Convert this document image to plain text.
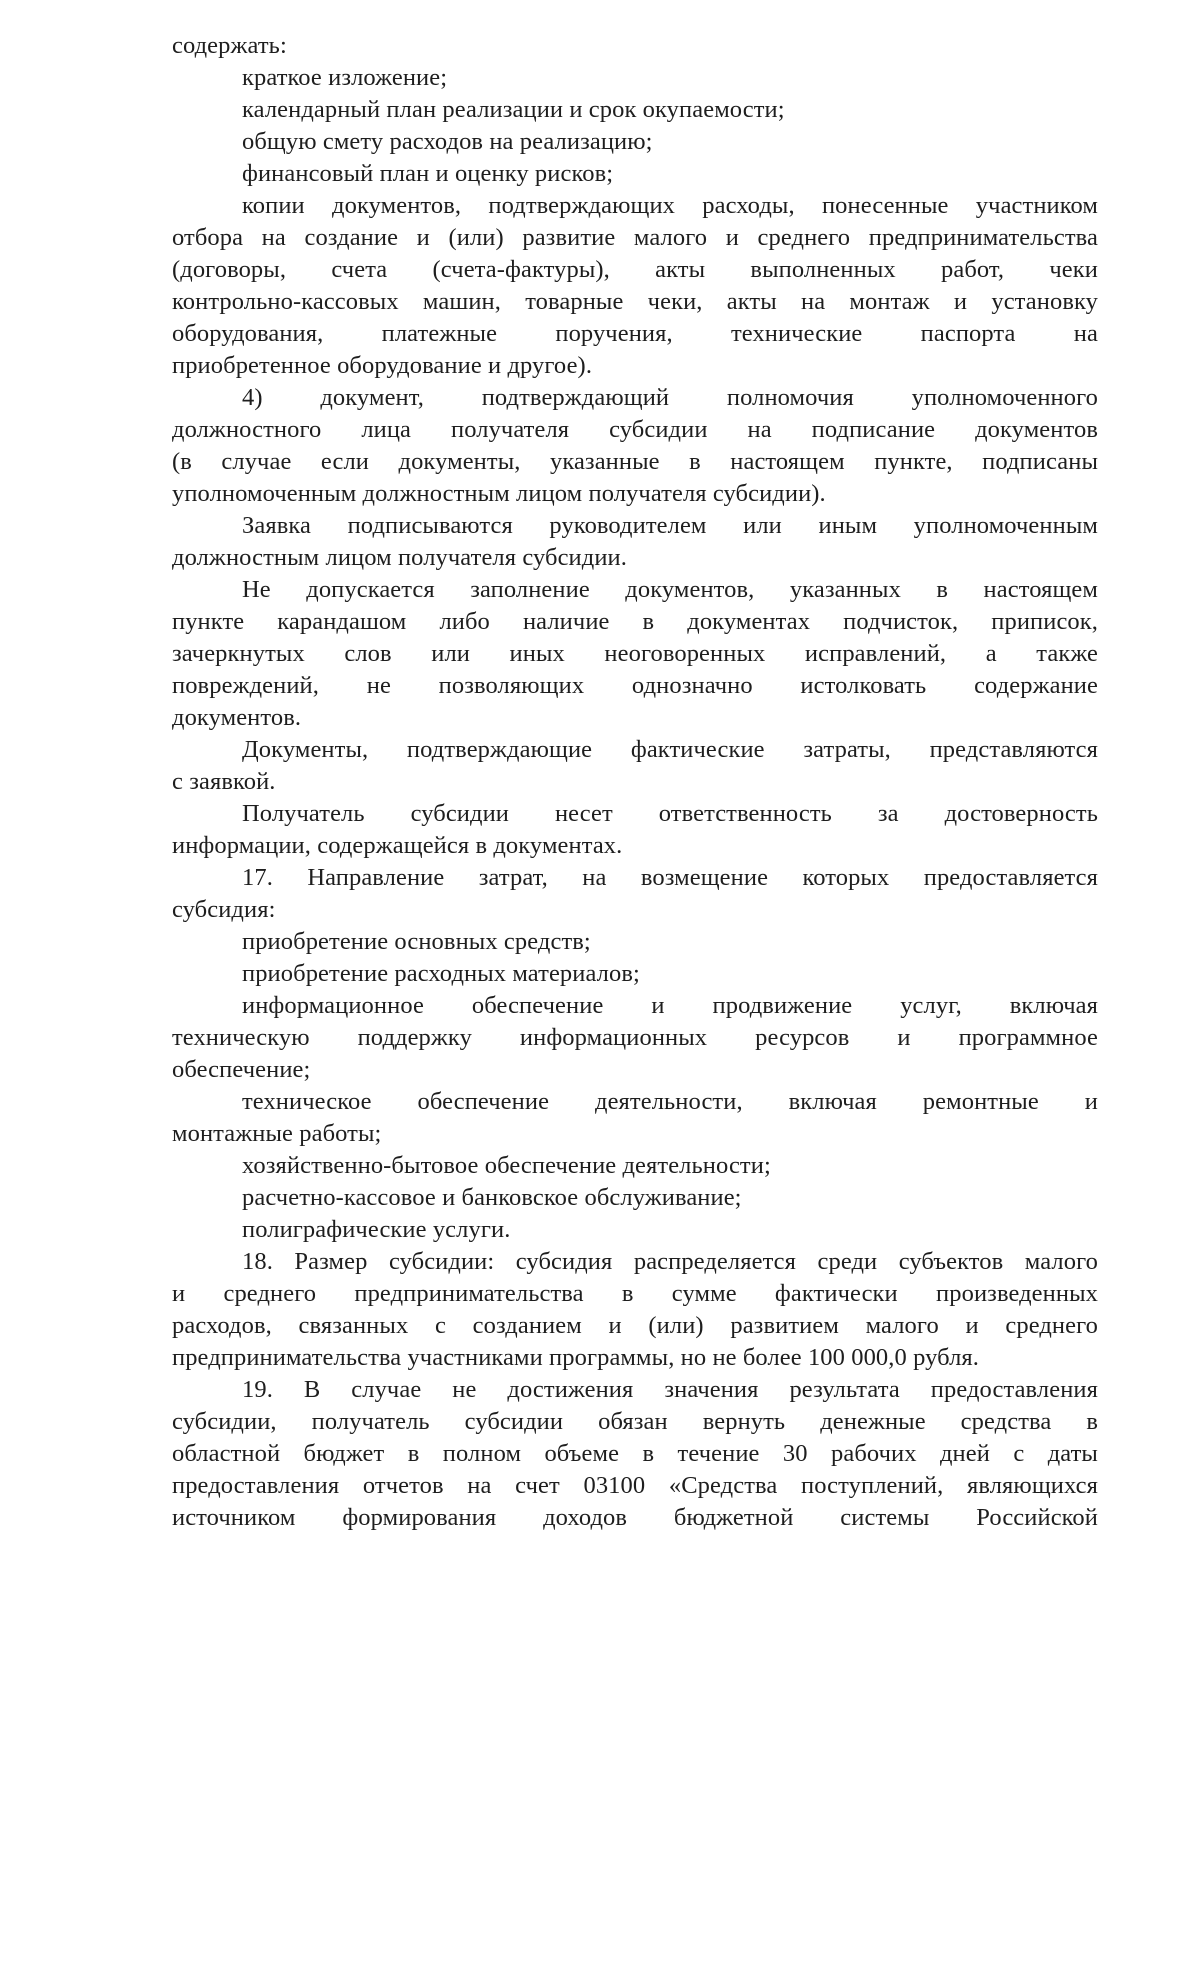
содержать:
краткое изложение;
календарный план реализации и срок окупаемости;
общую смету расходов на реализацию;
финансовый план и оценку рисков;
копии документов, подтверждающих расходы, понесенные участником
отбора на создание и (или) развитие малого и среднего предпринимательства
(договоры, счета (счета-фактуры), акты выполненных работ, чеки
контрольно-кассовых машин, товарные чеки, акты на монтаж и установку
оборудования, платежные поручения, технические паспорта на
приобретенное оборудование и другое).
4) документ, подтверждающий полномочия уполномоченного
должностного лица получателя субсидии на подписание документов
(в случае если документы, указанные в настоящем пункте, подписаны
уполномоченным должностным лицом получателя субсидии).
Заявка подписываются руководителем или иным уполномоченным
должностным лицом получателя субсидии.
Не допускается заполнение документов, указанных в настоящем
пункте карандашом либо наличие в документах подчисток, приписок,
зачеркнутых слов или иных неоговоренных исправлений, а также
повреждений, не позволяющих однозначно истолковать содержание
документов.
Документы, подтверждающие фактические затраты, представляются
с заявкой.
Получатель субсидии несет ответственность за достоверность
информации, содержащейся в документах.
17. Направление затрат, на возмещение которых предоставляется
субсидия:
приобретение основных средств;
приобретение расходных материалов;
информационное обеспечение и продвижение услуг, включая
техническую поддержку информационных ресурсов и программное
обеспечение;
техническое обеспечение деятельности, включая ремонтные и
монтажные работы;
хозяйственно-бытовое обеспечение деятельности;
расчетно-кассовое и банковское обслуживание;
полиграфические услуги.
18. Размер субсидии: субсидия распределяется среди субъектов малого
и среднего предпринимательства в сумме фактически произведенных
расходов, связанных с созданием и (или) развитием малого и среднего
предпринимательства участниками программы, но не более 100 000,0 рубля.
19. В случае не достижения значения результата предоставления
субсидии, получатель субсидии обязан вернуть денежные средства в
областной бюджет в полном объеме в течение 30 рабочих дней с даты
предоставления отчетов на счет 03100 «Средства поступлений, являющихся
источником формирования доходов бюджетной системы Российской
